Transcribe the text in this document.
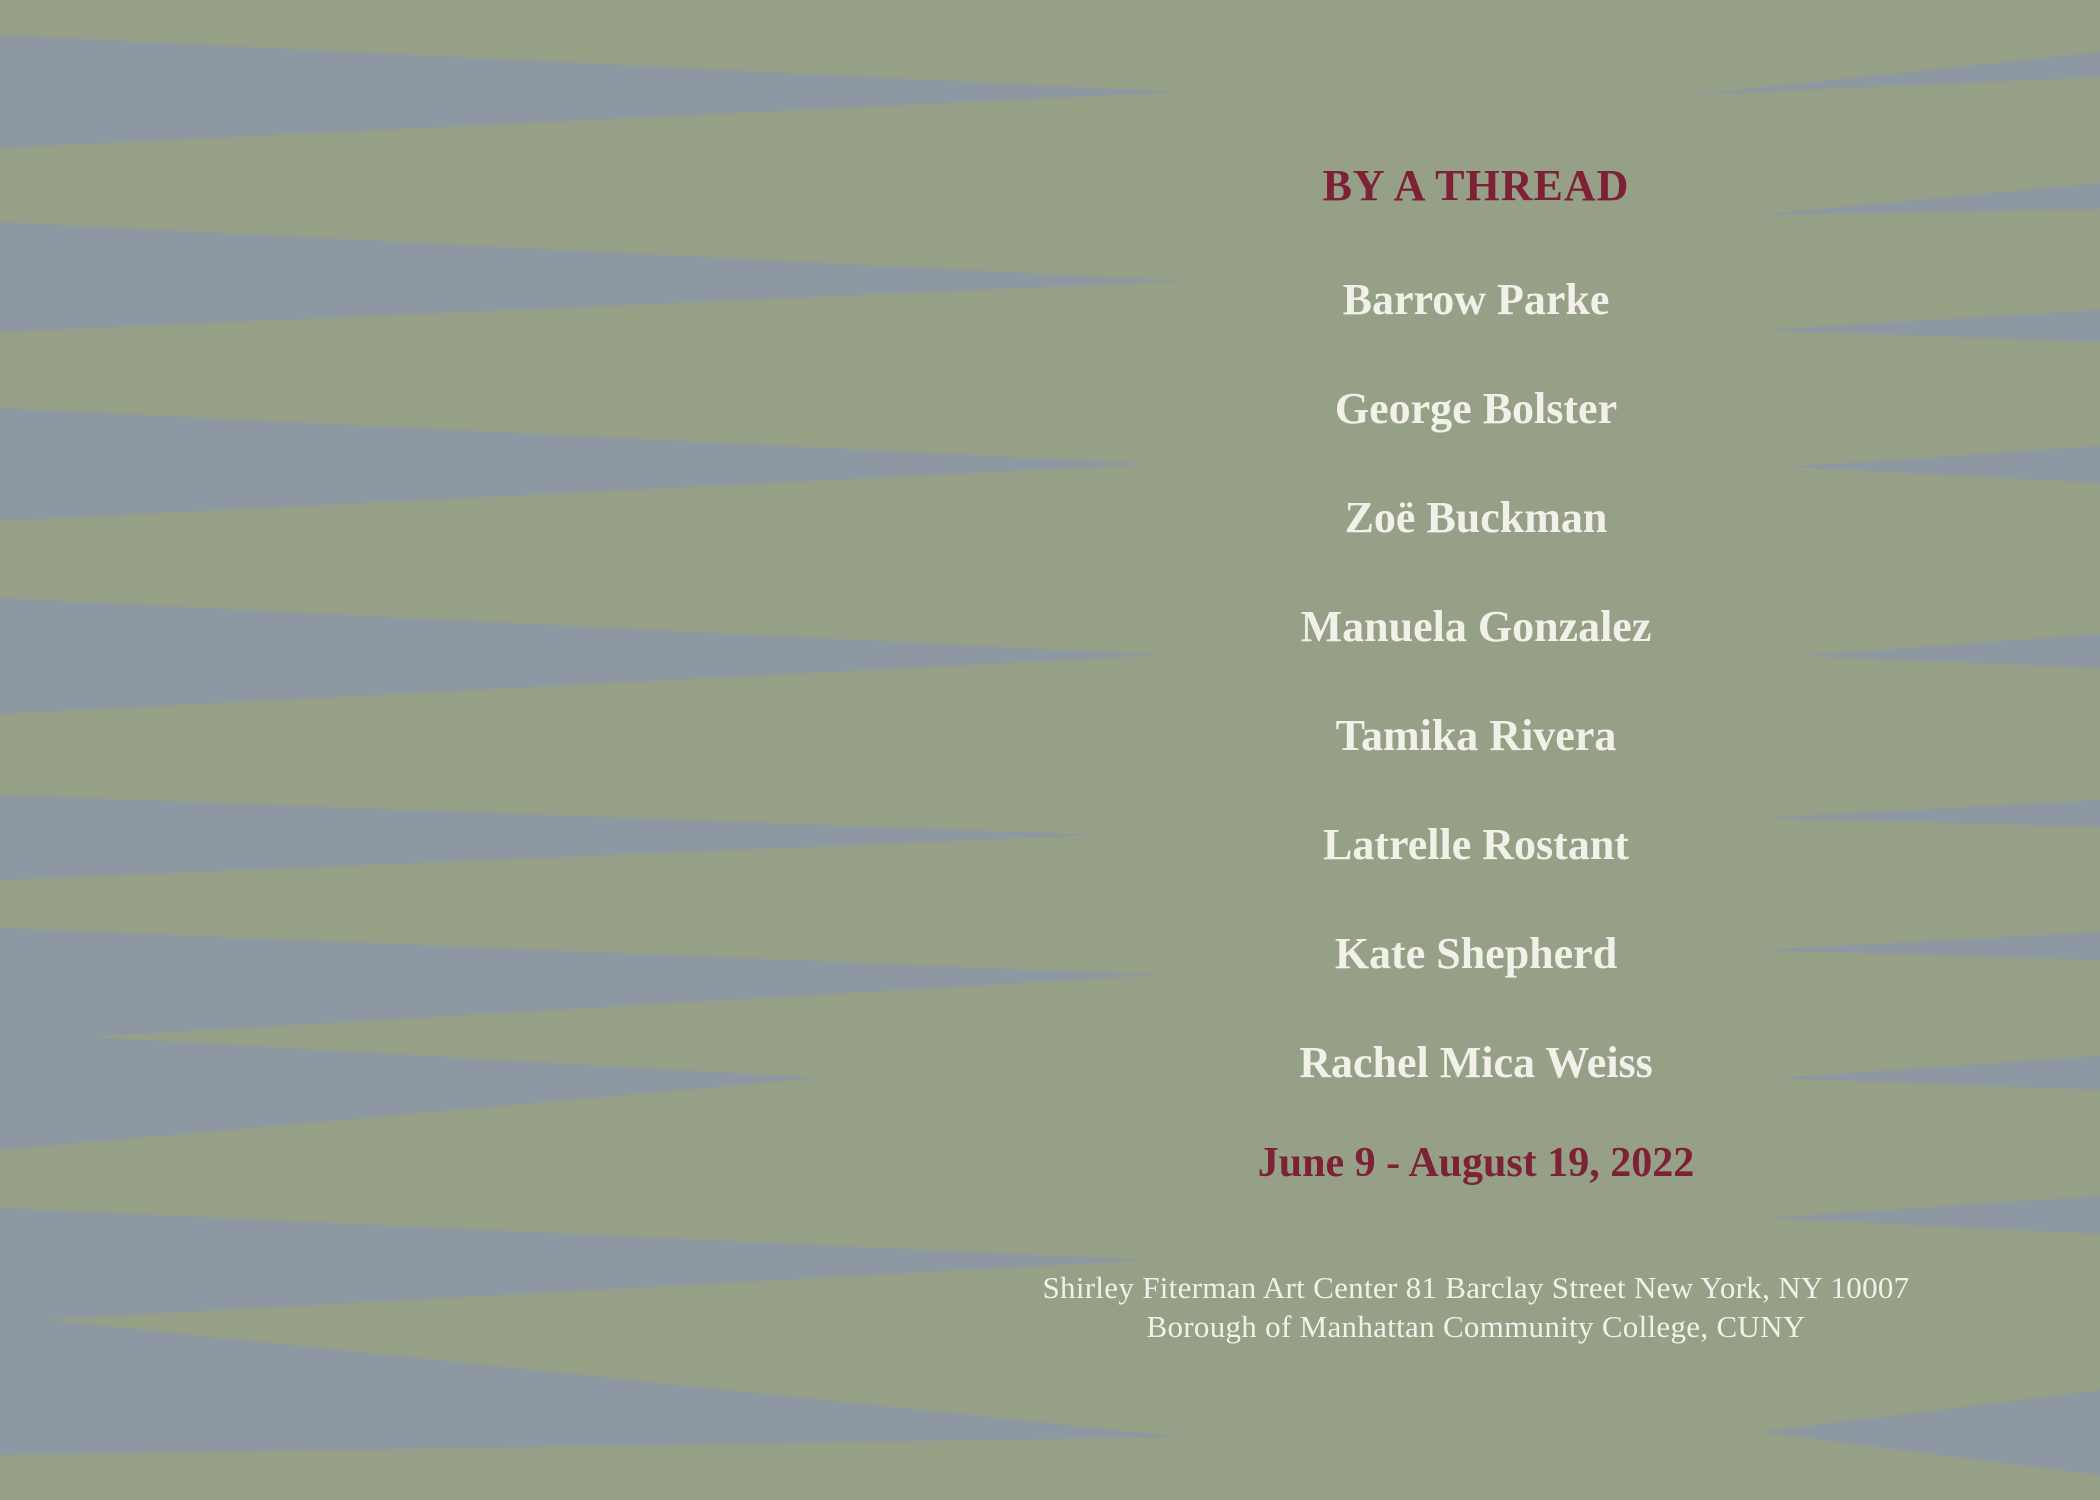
BY A THREAD
Barrow Parke
George Bolster
Zoë Buckman
Manuela Gonzalez
Tamika Rivera
Latrelle Rostant
Kate Shepherd
Rachel Mica Weiss
June 9 - August 19, 2022
Shirley Fiterman Art Center 81 Barclay Street New York, NY 10007
Borough of Manhattan Community College, CUNY
